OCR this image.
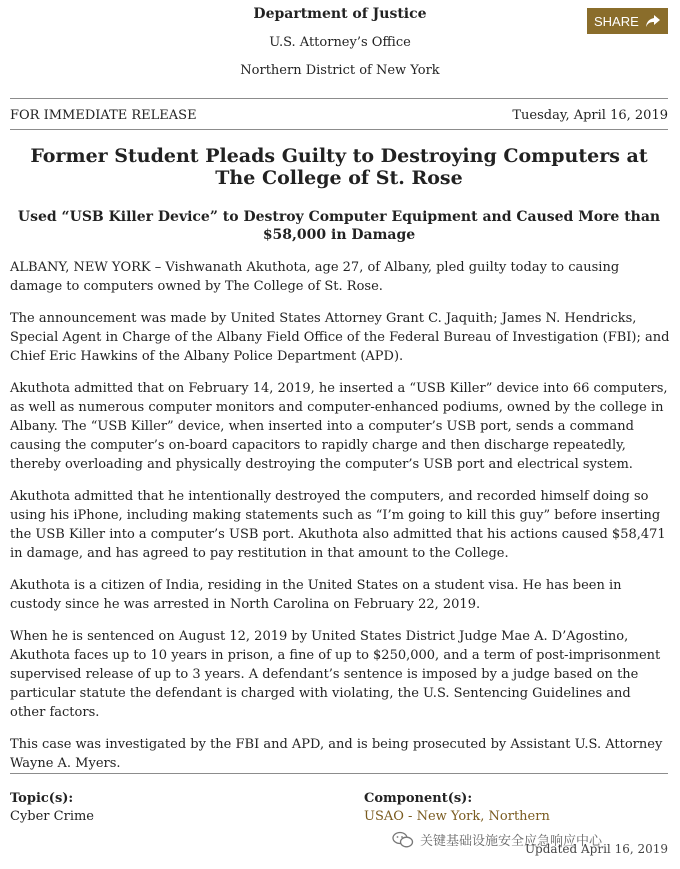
Department of Justice
U.S. Attorney’s Office
Northern District of New York
SHARE
FOR IMMEDIATE RELEASE	Tuesday, April 16, 2019
Former Student Pleads Guilty to Destroying Computers at The College of St. Rose
Used “USB Killer Device” to Destroy Computer Equipment and Caused More than $58,000 in Damage

ALBANY, NEW YORK – Vishwanath Akuthota, age 27, of Albany, pled guilty today to causing damage to computers owned by The College of St. Rose.

The announcement was made by United States Attorney Grant C. Jaquith; James N. Hendricks, Special Agent in Charge of the Albany Field Office of the Federal Bureau of Investigation (FBI); and Chief Eric Hawkins of the Albany Police Department (APD).

Akuthota admitted that on February 14, 2019, he inserted a “USB Killer” device into 66 computers, as well as numerous computer monitors and computer-enhanced podiums, owned by the college in Albany. The “USB Killer” device, when inserted into a computer’s USB port, sends a command causing the computer’s on-board capacitors to rapidly charge and then discharge repeatedly, thereby overloading and physically destroying the computer’s USB port and electrical system.

Akuthota admitted that he intentionally destroyed the computers, and recorded himself doing so using his iPhone, including making statements such as “I’m going to kill this guy” before inserting the USB Killer into a computer’s USB port. Akuthota also admitted that his actions caused $58,471 in damage, and has agreed to pay restitution in that amount to the College.

Akuthota is a citizen of India, residing in the United States on a student visa. He has been in custody since he was arrested in North Carolina on February 22, 2019.

When he is sentenced on August 12, 2019 by United States District Judge Mae A. D’Agostino, Akuthota faces up to 10 years in prison, a fine of up to $250,000, and a term of post-imprisonment supervised release of up to 3 years. A defendant’s sentence is imposed by a judge based on the particular statute the defendant is charged with violating, the U.S. Sentencing Guidelines and other factors.

This case was investigated by the FBI and APD, and is being prosecuted by Assistant U.S. Attorney Wayne A. Myers.

Topic(s):
Cyber Crime
Component(s):
USAO - New York, Northern
关键基础设施安全应急响应中心
Updated April 16, 2019
